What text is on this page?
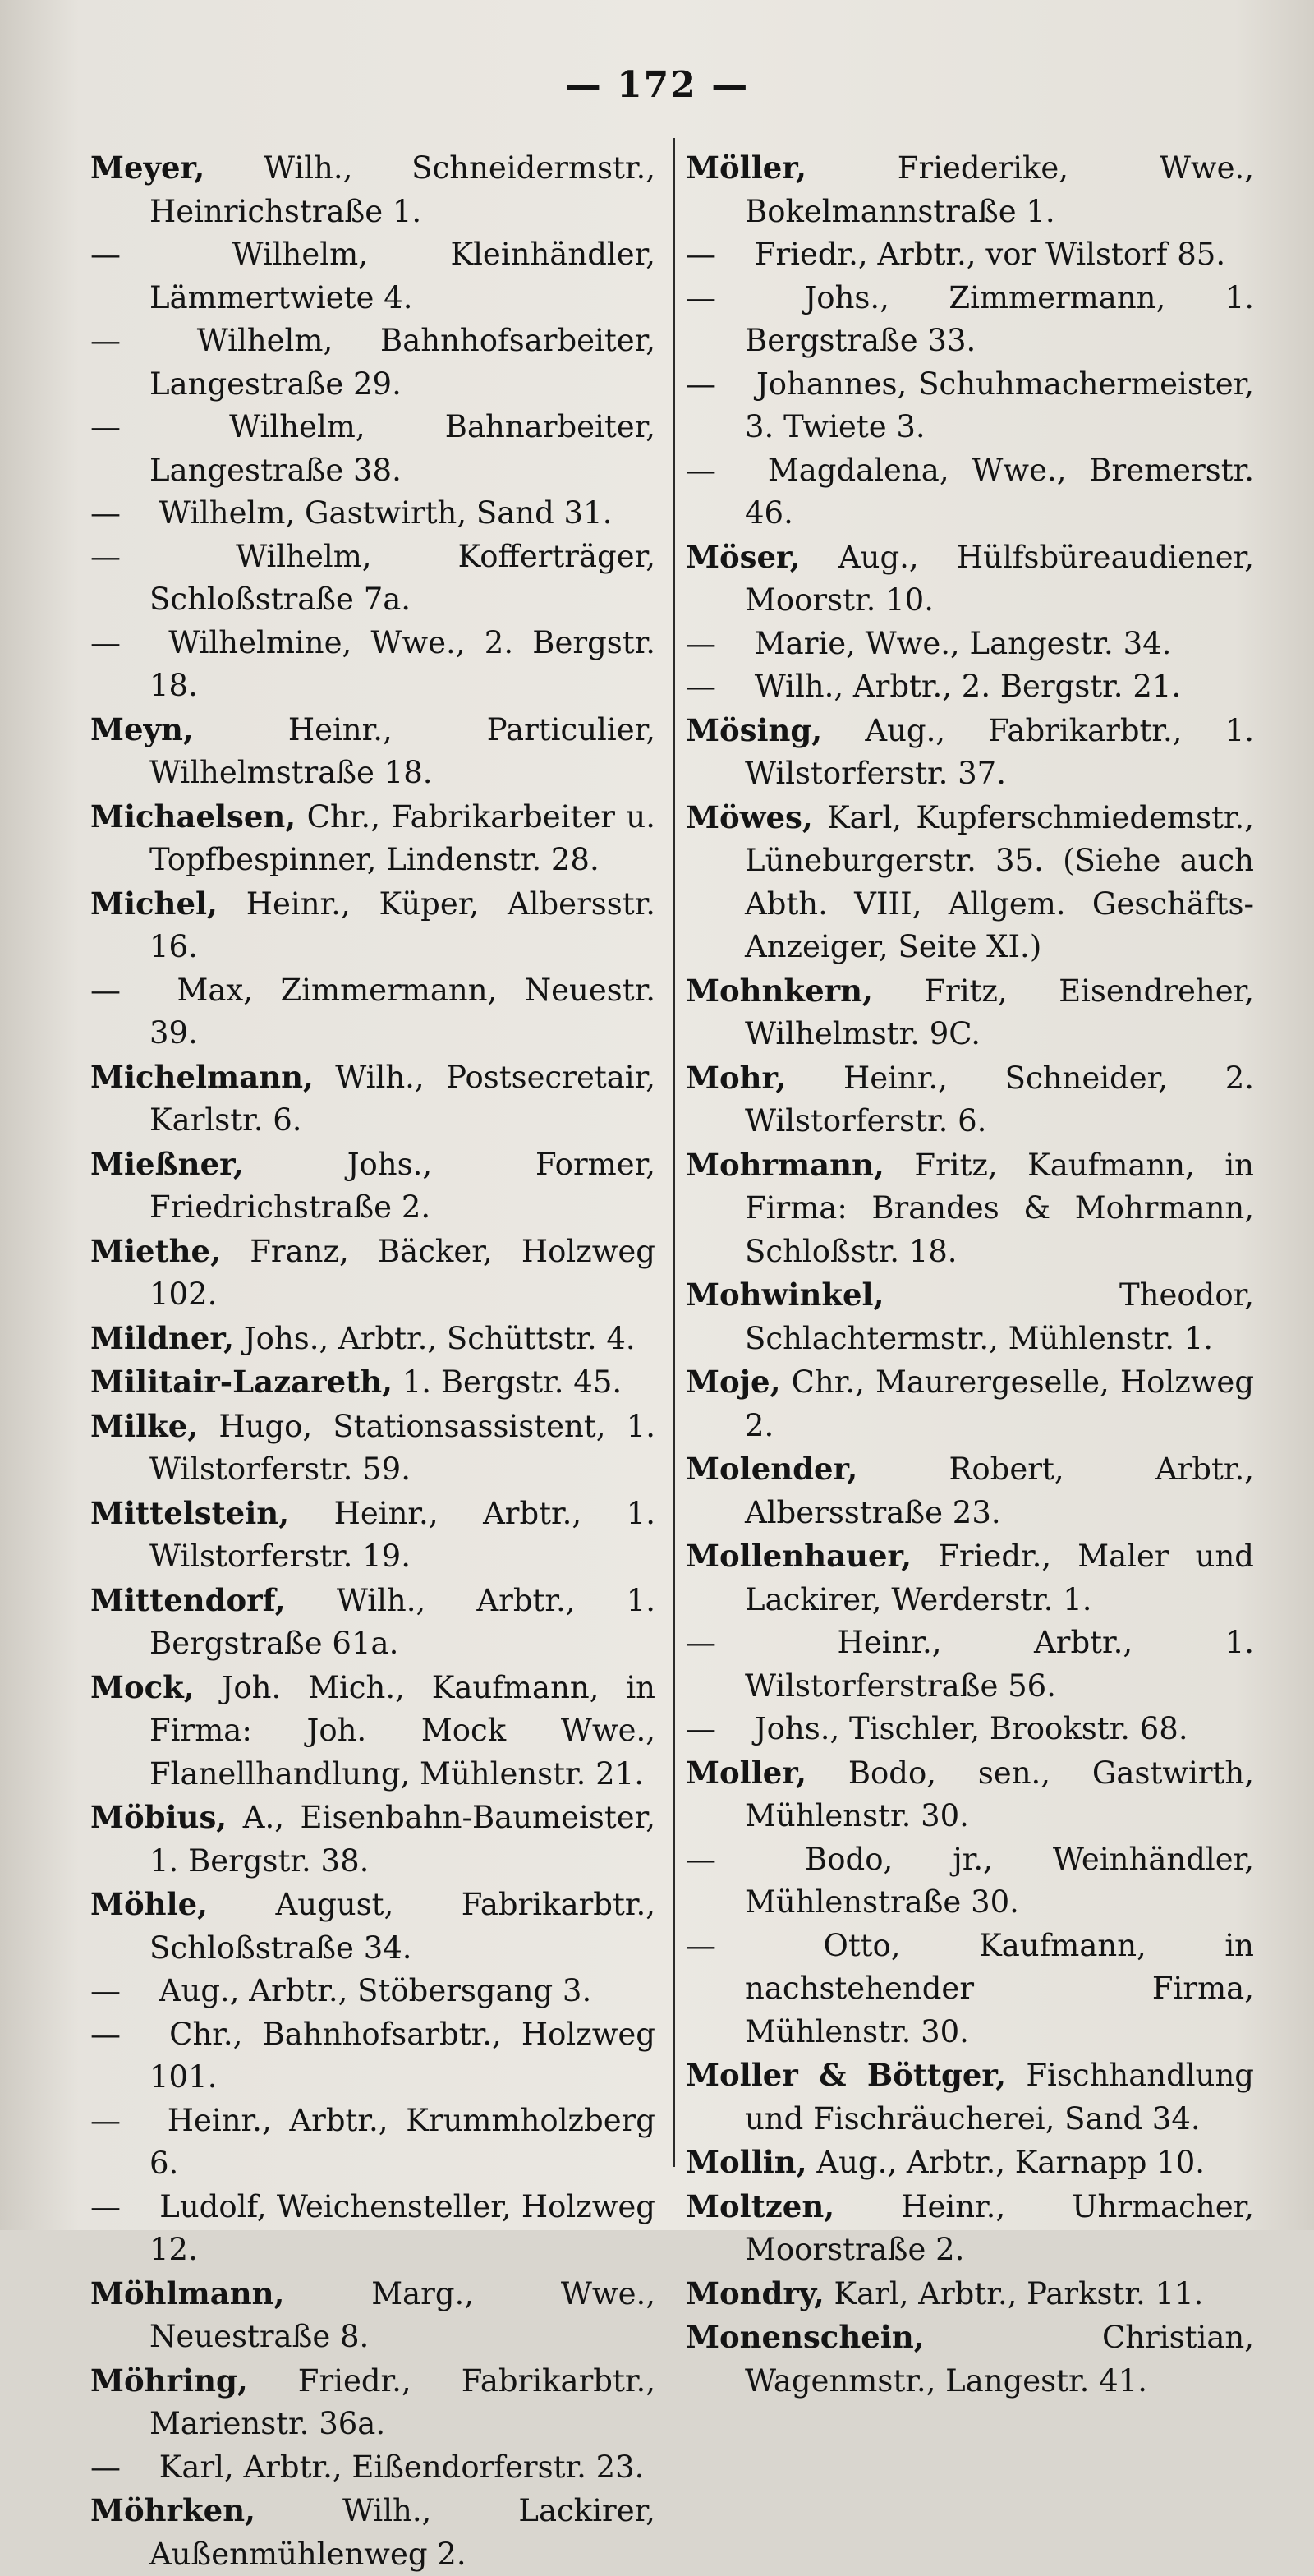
— 172 —
Meyer, Wilh., Schneidermstr., Heinrichstraße 1.
—	Wilhelm, Kleinhändler, Lämmertwiete 4.
—	Wilhelm, Bahnhofsarbeiter, Langestraße 29.
—	Wilhelm, Bahnarbeiter, Langestraße 38.
— Wilhelm, Gastwirth, Sand 31.
—	Wilhelm, Kofferträger, Schloßstraße 7a.
— Wilhelmine, Wwe., 2. Bergstr. 18.
Meyn,	Heinr., Particulier, Wilhelmstraße 18.
Michaelsen, Chr., Fabrikarbeiter u. Topfbespinner, Lindenstr. 28.
Michel, Heinr., Küper, Albersstr. 16.
— Max, Zimmermann, Neuestr. 39.
Michelmann, Wilh., Postsecretair, Karlstr. 6.
Mießner,	Johs., Former, Friedrichstraße 2.
Miethe, Franz, Bäcker, Holzweg 102.
Mildner, Johs., Arbtr., Schüttstr. 4.
Militair-Lazareth, 1. Bergstr. 45.
Milke, Hugo, Stationsassistent, 1. Wilstorferstr. 59.
Mittelstein, Heinr., Arbtr., 1. Wilstorferstr. 19.
Mittendorf, Wilh., Arbtr., 1. Bergstraße 61a.
Mock, Joh. Mich., Kaufmann, in Firma: Joh. Mock Wwe., Flanellhandlung, Mühlenstr. 21.
Möbius, A., Eisenbahn-Baumeister, 1. Bergstr. 38.
Möhle, August, Fabrikarbtr., Schloßstraße 34.
— Aug., Arbtr., Stöbersgang 3.
— Chr., Bahnhofsarbtr., Holzweg 101.
— Heinr., Arbtr., Krummholzberg 6.
— Ludolf, Weichensteller, Holzweg 12.
Möhlmann,	Marg., Wwe., Neuestraße 8.
Möhring, Friedr., Fabrikarbtr., Marienstr. 36a.
— Karl, Arbtr., Eißendorferstr. 23.
Möhrken,	Wilh., Lackirer, Außenmühlenweg 2.
Möller,	Friederike, Wwe., Bokelmannstraße 1.
— Friedr., Arbtr., vor Wilstorf 85.
—	Johs., Zimmermann, 1. Bergstraße 33.
— Johannes, Schuhmachermeister, 3. Twiete 3.
— Magdalena, Wwe., Bremerstr. 46.
Möser, Aug., Hülfsbüreaudiener, Moorstr. 10.
— Marie, Wwe., Langestr. 34.
— Wilh., Arbtr., 2. Bergstr. 21.
Mösing, Aug., Fabrikarbtr., 1. Wilstorferstr. 37.
Möwes, Karl, Kupferschmiedemstr., Lüneburgerstr. 35. (Siehe auch Abth. VIII, Allgem. Geschäfts-Anzeiger, Seite XI.)
Mohnkern, Fritz, Eisendreher, Wilhelmstr. 9C.
Mohr, Heinr., Schneider, 2. Wilstorferstr. 6.
Mohrmann, Fritz, Kaufmann, in Firma: Brandes & Mohrmann, Schloßstr. 18.
Mohwinkel,	Theodor, Schlachtermstr., Mühlenstr. 1.
Moje, Chr., Maurergeselle, Holzweg 2.
Molender,	Robert, Arbtr., Albersstraße 23.
Mollenhauer, Friedr., Maler und Lackirer, Werderstr. 1.
—	Heinr., Arbtr., 1. Wilstorferstraße 56.
— Johs., Tischler, Brookstr. 68.
Moller, Bodo, sen., Gastwirth, Mühlenstr. 30.
—	Bodo, jr., Weinhändler, Mühlenstraße 30.
—	Otto, Kaufmann, in nachstehender Firma, Mühlenstr. 30.
Moller & Böttger, Fischhandlung und Fischräucherei, Sand 34.
Mollin, Aug., Arbtr., Karnapp 10.
Moltzen, Heinr., Uhrmacher, Moorstraße 2.
Mondry, Karl, Arbtr., Parkstr. 11.
Monenschein,	Christian, Wagenmstr., Langestr. 41.
